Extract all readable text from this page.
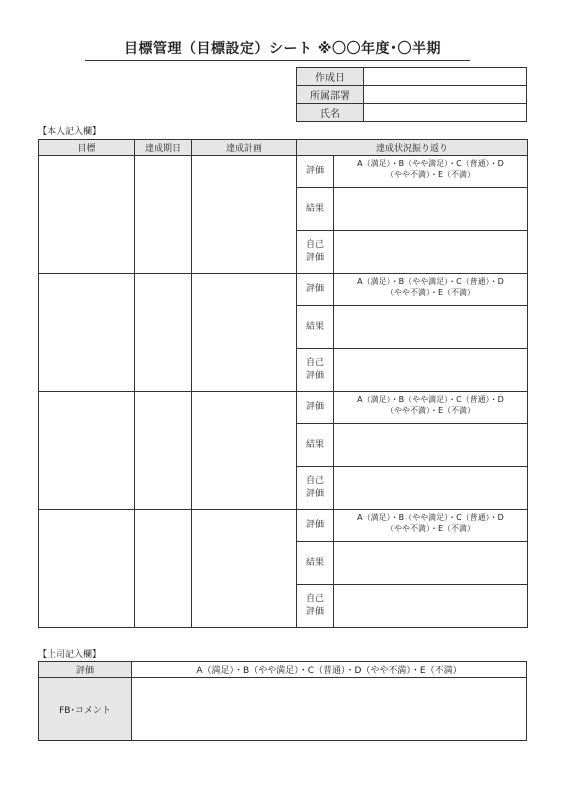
目標管理（目標設定）シート ※〇〇年度･〇半期
作成日	
所属部署	
氏名	
【本人記入欄】
目標	達成期日	達成計画	達成状況振り返り	
			評価	A（満足）・B（やや満足）・C（普通）・D
（やや不満）・E（不満）
			結果	
			自己
評価	
			評価	A（満足）・B（やや満足）・C（普通）・D
（やや不満）・E（不満）
			結果	
			自己
評価	
			評価	A（満足）・B（やや満足）・C（普通）・D
（やや不満）・E（不満）
			結果	
			自己
評価	
			評価	A（満足）・B（やや満足）・C（普通）・D
（やや不満）・E（不満）
			結果	
			自己
評価	
【上司記入欄】
評価	A（満足）・B（やや満足）・C（普通）・D（やや不満）・E（不満）
FB･コメント	
